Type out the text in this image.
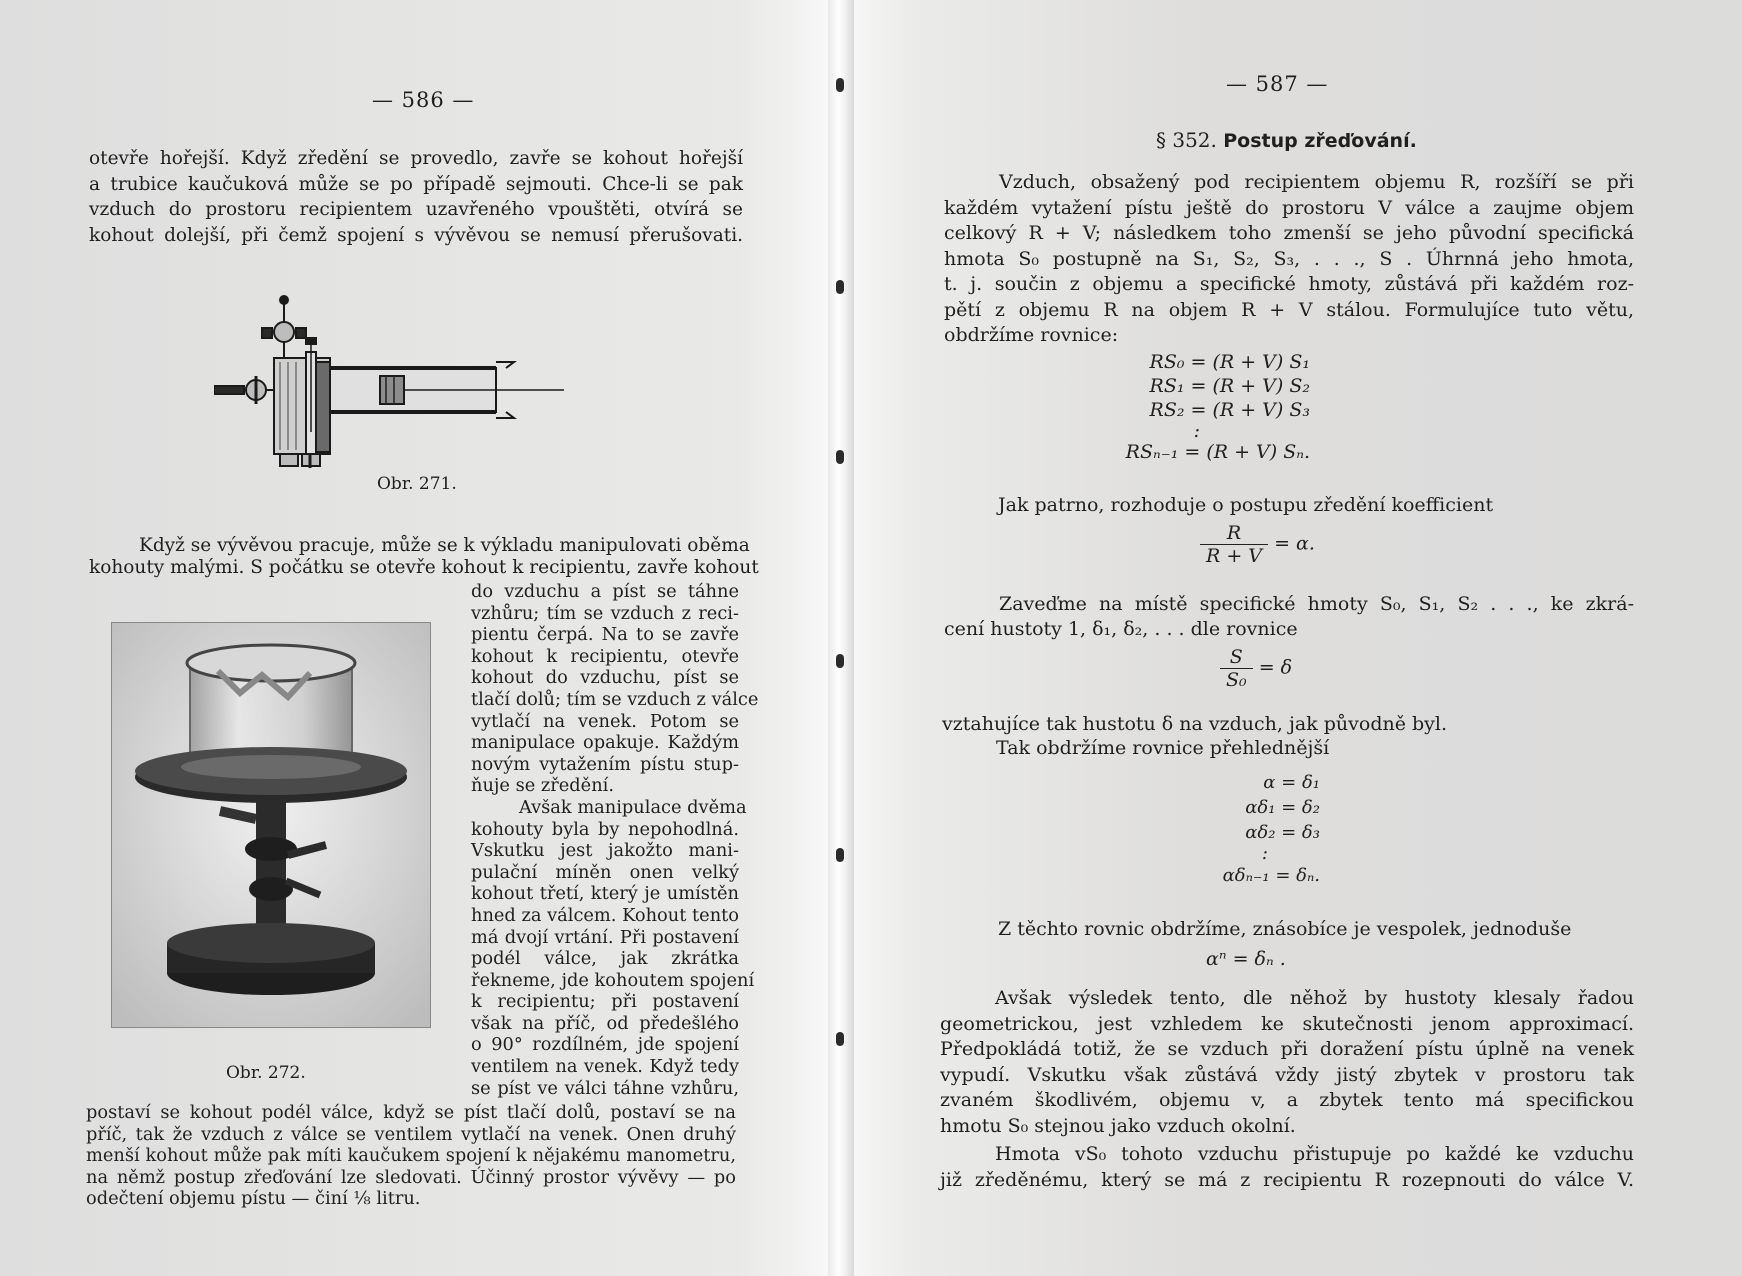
— 586 —
otevře hořejší. Když zředění se provedlo, zavře se kohout hořejší
a trubice kaučuková může se po případě sejmouti. Chce-li se pak
vzduch do prostoru recipientem uzavřeného vpouštěti, otvírá se
kohout dolejší, při čemž spojení s vývěvou se nemusí přerušovati.
Obr. 271.
Když se vývěvou pracuje, může se k výkladu manipulovati oběma
kohouty malými. S počátku se otevře kohout k recipientu, zavře kohout
Obr. 272.
do vzduchu a píst se táhne
vzhůru; tím se vzduch z reci-
pientu čerpá. Na to se zavře
kohout k recipientu, otevře
kohout do vzduchu, píst se
tlačí dolů; tím se vzduch z válce
vytlačí na venek. Potom se
manipulace opakuje. Každým
novým vytažením pístu stup-
ňuje se zředění.
Avšak manipulace dvěma
kohouty byla by nepohodlná.
Vskutku jest jakožto mani-
pulační míněn onen velký
kohout třetí, který je umístěn
hned za válcem. Kohout tento
má dvojí vrtání. Při postavení
podél válce, jak zkrátka
řekneme, jde kohoutem spojení
k recipientu; při postavení
však na příč, od předešlého
o 90° rozdílném, jde spojení
ventilem na venek. Když tedy
se píst ve válci táhne vzhůru,
postaví se kohout podél válce, když se píst tlačí dolů, postaví se na
příč, tak že vzduch z válce se ventilem vytlačí na venek. Onen druhý
menší kohout může pak míti kaučukem spojení k nějakému manometru,
na němž postup zřeďování lze sledovati. Účinný prostor vývěvy — po
odečtení objemu pístu — činí ⅛ litru.
— 587 —
§ 352. Postup zřeďování.
Vzduch, obsažený pod recipientem objemu R, rozšíří se při
každém vytažení pístu ještě do prostoru V válce a zaujme objem
celkový R + V; následkem toho zmenší se jeho původní specifická
hmota S₀ postupně na S₁, S₂, S₃, . . ., S . Úhrnná jeho hmota,
t. j. součin z objemu a specifické hmoty, zůstává při každém roz-
pětí z objemu R na objem R + V stálou. Formulujíce tuto větu,
obdržíme rovnice:
RS₀ = (R + V) S₁
RS₁ = (R + V) S₂
RS₂ = (R + V) S₃
:
RSₙ₋₁ = (R + V) Sₙ.
Jak patrno, rozhoduje o postupu zředění koefficient
$\frac{R}{R + V} = \alpha$.
Zaveďme na místě specifické hmoty S₀, S₁, S₂ . . ., ke zkrá-
cení hustoty 1, δ₁, δ₂, . . . dle rovnice
$\frac{S}{\text{S₀}} = \delta$
vztahujíce tak hustotu δ na vzduch, jak původně byl.
Tak obdržíme rovnice přehlednější
α = δ₁
αδ₁ = δ₂
αδ₂ = δ₃
:
αδₙ₋₁ = δₙ.
Z těchto rovnic obdržíme, znásobíce je vespolek, jednoduše
αⁿ = δₙ .
Avšak výsledek tento, dle něhož by hustoty klesaly řadou
geometrickou, jest vzhledem ke skutečnosti jenom approximací.
Předpokládá totiž, že se vzduch při doražení pístu úplně na venek
vypudí. Vskutku však zůstává vždy jistý zbytek v prostoru tak
zvaném škodlivém, objemu v, a zbytek tento má specifickou
hmotu S₀ stejnou jako vzduch okolní.
Hmota vS₀ tohoto vzduchu přistupuje po každé ke vzduchu
již zředěnému, který se má z recipientu R rozepnouti do válce V.
